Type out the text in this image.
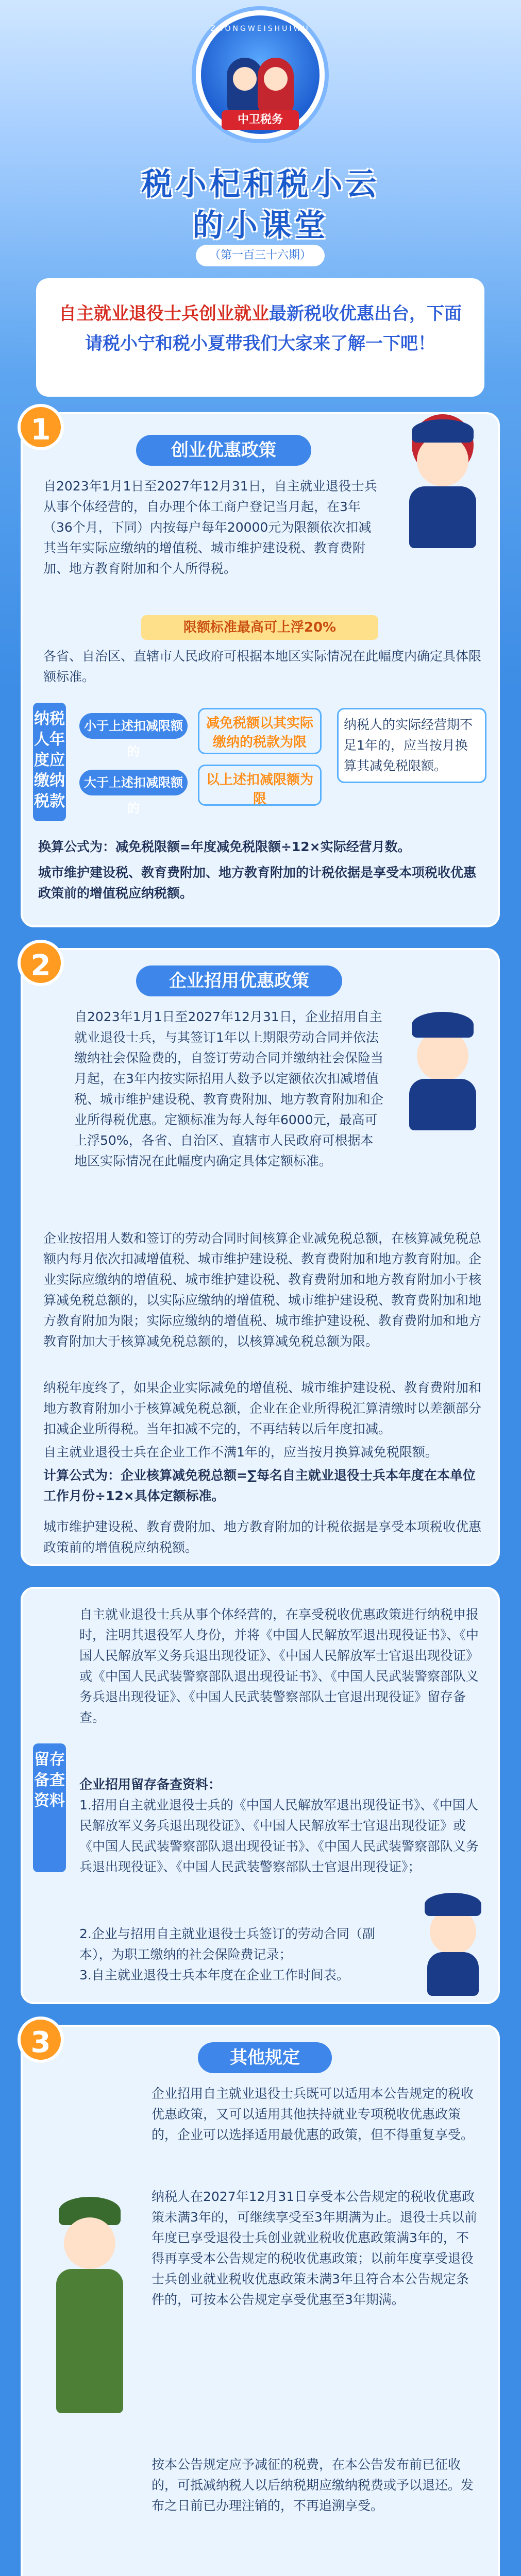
ZHONGWEISHUIWU
中卫税务
税小杞和税小云
的小课堂
（第一百三十六期）
自主就业退役士兵创业就业最新税收优惠出台，下面请税小宁和税小夏带我们大家来了解一下吧！
1
创业优惠政策
自2023年1月1日至2027年12月31日，自主就业退役士兵从事个体经营的，自办理个体工商户登记当月起，在3年（36个月，下同）内按每户每年20000元为限额依次扣减其当年实际应缴纳的增值税、城市维护建设税、教育费附加、地方教育附加和个人所得税。
限额标准最高可上浮20%
各省、自治区、直辖市人民政府可根据本地区实际情况在此幅度内确定具体限额标准。
纳税人年度应缴纳税款
小于上述扣减限额的
大于上述扣减限额的
减免税额以其实际缴纳的税款为限
以上述扣减限额为限
纳税人的实际经营期不足1年的，应当按月换算其减免税限额。
换算公式为：减免税限额=年度减免税限额÷12×实际经营月数。
城市维护建设税、教育费附加、地方教育附加的计税依据是享受本项税收优惠政策前的增值税应纳税额。
2	企业招用优惠政策
自2023年1月1日至2027年12月31日，企业招用自主就业退役士兵，与其签订1年以上期限劳动合同并依法缴纳社会保险费的，自签订劳动合同并缴纳社会保险当月起，在3年内按实际招用人数予以定额依次扣减增值税、城市维护建设税、教育费附加、地方教育附加和企业所得税优惠。定额标准为每人每年6000元，最高可上浮50%，各省、自治区、直辖市人民政府可根据本地区实际情况在此幅度内确定具体定额标准。
企业按招用人数和签订的劳动合同时间核算企业减免税总额，在核算减免税总额内每月依次扣减增值税、城市维护建设税、教育费附加和地方教育附加。企业实际应缴纳的增值税、城市维护建设税、教育费附加和地方教育附加小于核算减免税总额的，以实际应缴纳的增值税、城市维护建设税、教育费附加和地方教育附加为限；实际应缴纳的增值税、城市维护建设税、教育费附加和地方教育附加大于核算减免税总额的，以核算减免税总额为限。
纳税年度终了，如果企业实际减免的增值税、城市维护建设税、教育费附加和地方教育附加小于核算减免税总额，企业在企业所得税汇算清缴时以差额部分扣减企业所得税。当年扣减不完的，不再结转以后年度扣减。
自主就业退役士兵在企业工作不满1年的，应当按月换算减免税限额。
计算公式为：企业核算减免税总额=∑每名自主就业退役士兵本年度在本单位工作月份÷12×具体定额标准。
城市维护建设税、教育费附加、地方教育附加的计税依据是享受本项税收优惠政策前的增值税应纳税额。
留存备查资料
自主就业退役士兵从事个体经营的，在享受税收优惠政策进行纳税申报时，注明其退役军人身份，并将《中国人民解放军退出现役证书》、《中国人民解放军义务兵退出现役证》、《中国人民解放军士官退出现役证》或《中国人民武装警察部队退出现役证书》、《中国人民武装警察部队义务兵退出现役证》、《中国人民武装警察部队士官退出现役证》留存备查。
企业招用留存备查资料：
1.招用自主就业退役士兵的《中国人民解放军退出现役证书》、《中国人民解放军义务兵退出现役证》、《中国人民解放军士官退出现役证》或《中国人民武装警察部队退出现役证书》、《中国人民武装警察部队义务兵退出现役证》、《中国人民武装警察部队士官退出现役证》；
2.企业与招用自主就业退役士兵签订的劳动合同（副本），为职工缴纳的社会保险费记录；
3.自主就业退役士兵本年度在企业工作时间表。
3	其他规定
企业招用自主就业退役士兵既可以适用本公告规定的税收优惠政策，又可以适用其他扶持就业专项税收优惠政策的，企业可以选择适用最优惠的政策，但不得重复享受。
纳税人在2027年12月31日享受本公告规定的税收优惠政策未满3年的，可继续享受至3年期满为止。退役士兵以前年度已享受退役士兵创业就业税收优惠政策满3年的，不得再享受本公告规定的税收优惠政策；以前年度享受退役士兵创业就业税收优惠政策未满3年且符合本公告规定条件的，可按本公告规定享受优惠至3年期满。
按本公告规定应予减征的税费，在本公告发布前已征收的，可抵减纳税人以后纳税期应缴纳税费或予以退还。发布之日前已办理注销的，不再追溯享受。
